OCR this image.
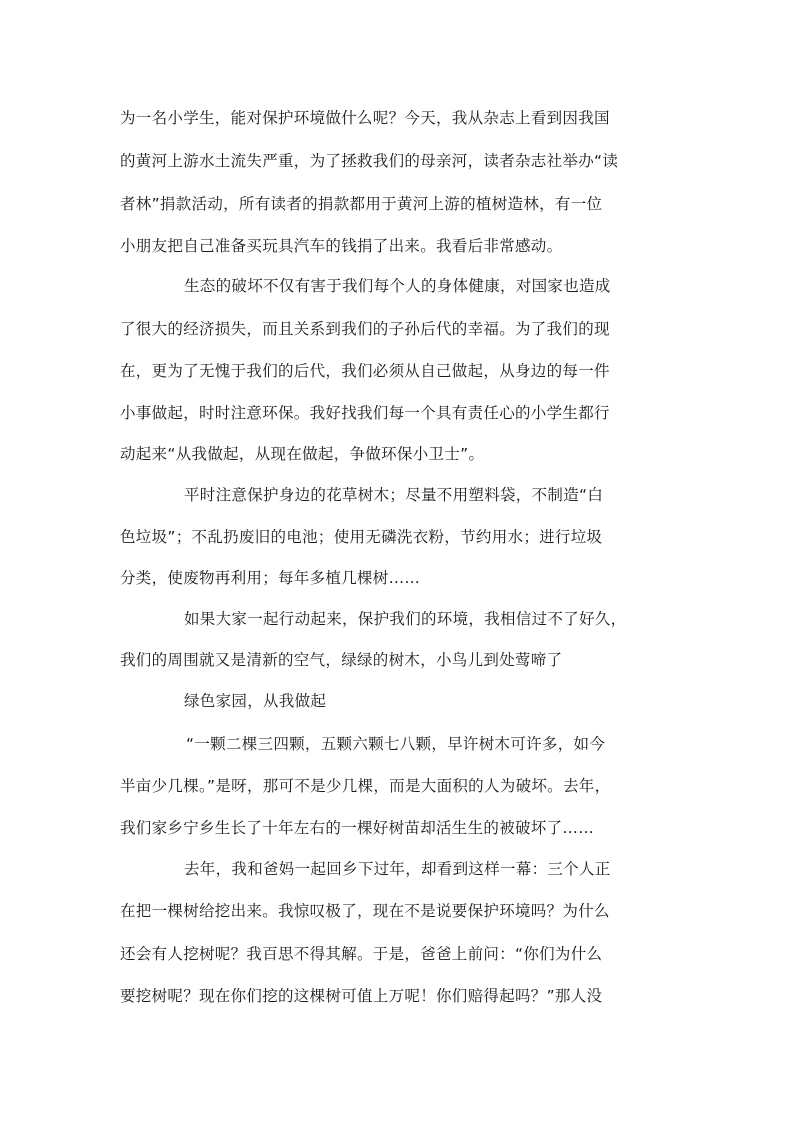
为一名小学生，能对保护环境做什么呢？今天，我从杂志上看到因我国
的黄河上游水土流失严重，为了拯救我们的母亲河，读者杂志社举办“读
者林”捐款活动，所有读者的捐款都用于黄河上游的植树造林，有一位
小朋友把自己准备买玩具汽车的钱捐了出来。我看后非常感动。
生态的破坏不仅有害于我们每个人的身体健康，对国家也造成
了很大的经济损失，而且关系到我们的子孙后代的幸福。为了我们的现
在，更为了无愧于我们的后代，我们必须从自己做起，从身边的每一件
小事做起，时时注意环保。我好找我们每一个具有责任心的小学生都行
动起来“从我做起，从现在做起，争做环保小卫士”。
平时注意保护身边的花草树木；尽量不用塑料袋，不制造“白
色垃圾”；不乱扔废旧的电池；使用无磷洗衣粉，节约用水；进行垃圾
分类，使废物再利用；每年多植几棵树……
如果大家一起行动起来，保护我们的环境，我相信过不了好久，
我们的周围就又是清新的空气，绿绿的树木，小鸟儿到处莺啼了
绿色家园，从我做起
“一颗二棵三四颗，五颗六颗七八颗，早许树木可许多，如今
半亩少几棵。”是呀，那可不是少几棵，而是大面积的人为破坏。去年，
我们家乡宁乡生长了十年左右的一棵好树苗却活生生的被破坏了……
去年，我和爸妈一起回乡下过年，却看到这样一幕：三个人正
在把一棵树给挖出来。我惊叹极了，现在不是说要保护环境吗？为什么
还会有人挖树呢？我百思不得其解。于是，爸爸上前问：“你们为什么
要挖树呢？现在你们挖的这棵树可值上万呢！你们赔得起吗？”那人没
